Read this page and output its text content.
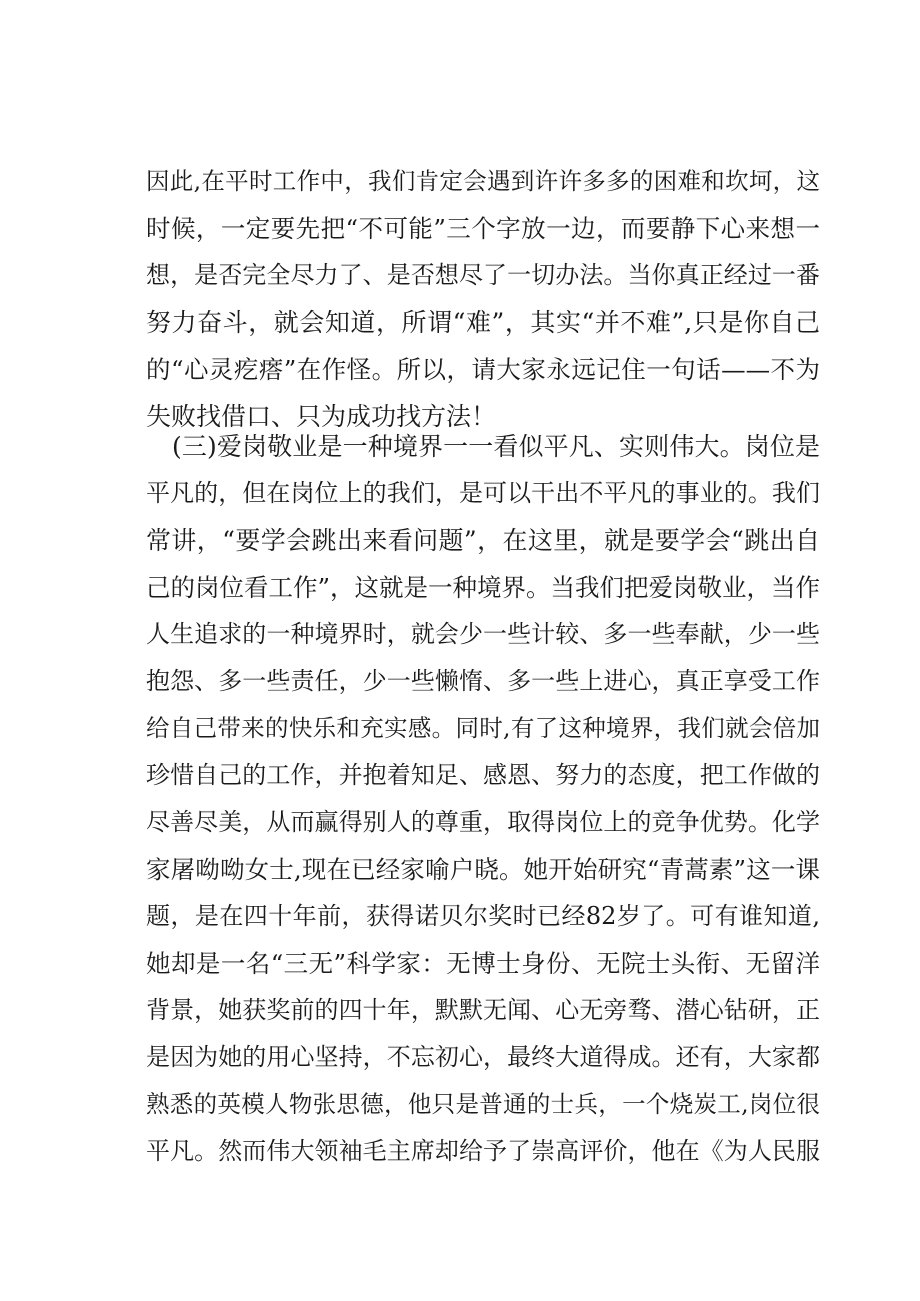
因此,在平时工作中，我们肯定会遇到许许多多的困难和坎坷，这
时候，一定要先把“不可能”三个字放一边，而要静下心来想一
想，是否完全尽力了、是否想尽了一切办法。当你真正经过一番
努力奋斗，就会知道，所谓“难”，其实“并不难”,只是你自己
的“心灵疙瘩”在作怪。所以，请大家永远记住一句话——不为
失败找借口、只为成功找方法！
(三)爱岗敬业是一种境界一一看似平凡、实则伟大。岗位是
平凡的，但在岗位上的我们，是可以干出不平凡的事业的。我们
常讲，“要学会跳出来看问题”，在这里，就是要学会“跳出自
己的岗位看工作”，这就是一种境界。当我们把爱岗敬业，当作
人生追求的一种境界时，就会少一些计较、多一些奉献，少一些
抱怨、多一些责任，少一些懒惰、多一些上进心，真正享受工作
给自己带来的快乐和充实感。同时,有了这种境界，我们就会倍加
珍惜自己的工作，并抱着知足、感恩、努力的态度，把工作做的
尽善尽美，从而赢得别人的尊重，取得岗位上的竞争优势。化学
家屠呦呦女士,现在已经家喻户晓。她开始研究“青蒿素”这一课
题，是在四十年前，获得诺贝尔奖时已经82岁了。可有谁知道,
她却是一名“三无”科学家：无博士身份、无院士头衔、无留洋
背景，她获奖前的四十年，默默无闻、心无旁骛、潜心钻研，正
是因为她的用心坚持，不忘初心，最终大道得成。还有，大家都
熟悉的英模人物张思德，他只是普通的士兵，一个烧炭工,岗位很
平凡。然而伟大领袖毛主席却给予了崇高评价，他在《为人民服
